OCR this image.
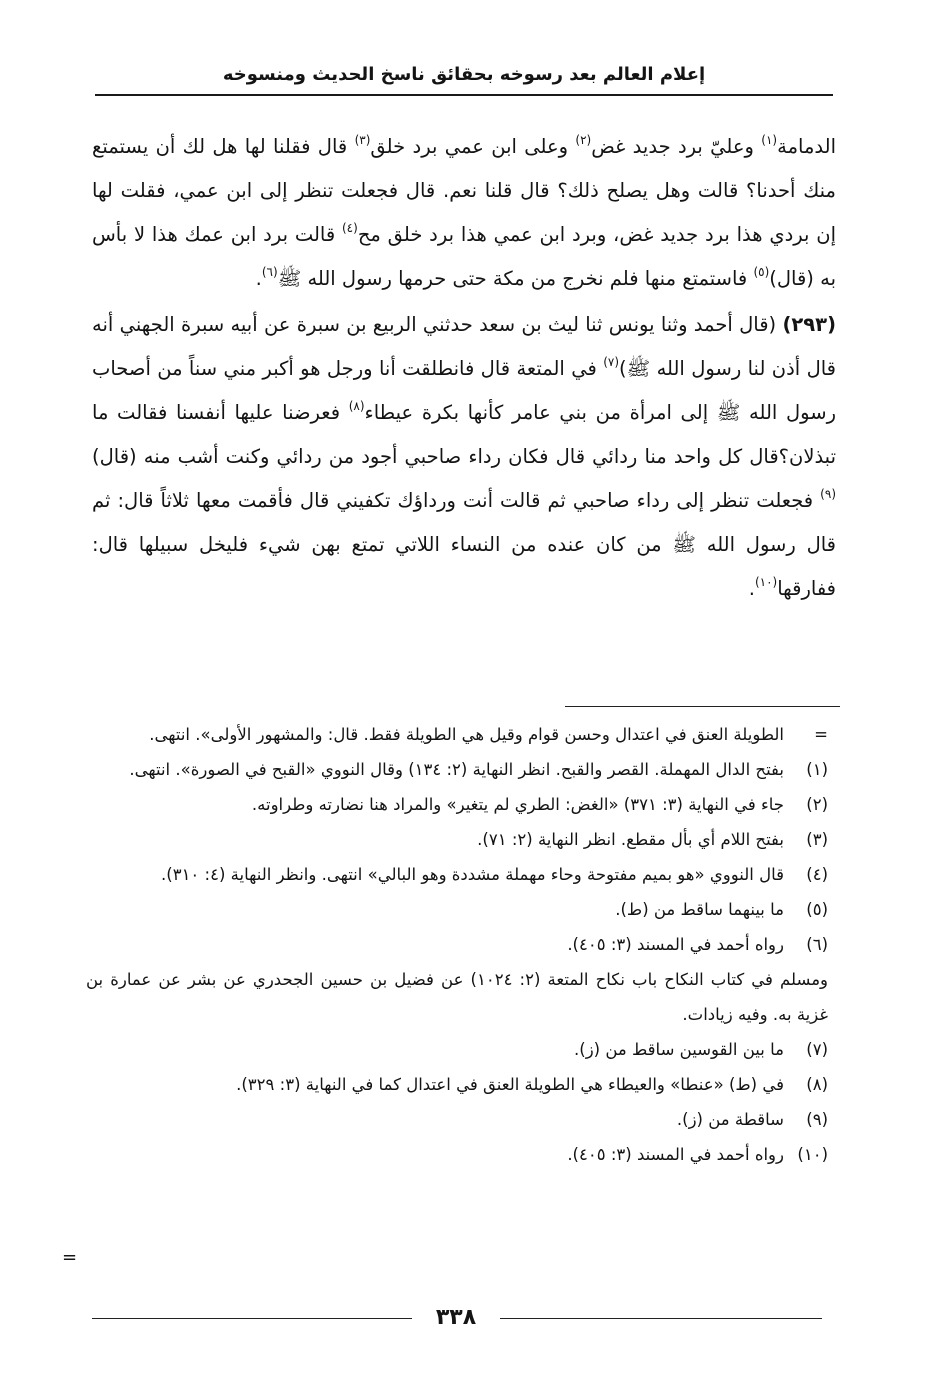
إعلام العالم بعد رسوخه بحقائق ناسخ الحديث ومنسوخه

الدمامة$^{(١)}$ وعليّ برد جديد غض$^{(٢)}$ وعلى ابن عمي برد خلق$^{(٣)}$ قال فقلنا لها هل لك أن يستمتع منك أحدنا؟ قالت وهل يصلح ذلك؟ قال قلنا نعم. قال فجعلت تنظر إلى ابن عمي، فقلت لها إن بردي هذا برد جديد غض، وبرد ابن عمي هذا برد خلق مح$^{(٤)}$ قالت برد ابن عمك هذا لا بأس به (قال)$^{(٥)}$ فاستمتع منها فلم نخرج من مكة حتى حرمها رسول الله ﷺ$^{(٦)}$.

(٢٩٣) (قال أحمد وثنا يونس ثنا ليث بن سعد حدثني الربيع بن سبرة عن أبيه سبرة الجهني أنه قال أذن لنا رسول الله ﷺ)$^{(٧)}$ في المتعة قال فانطلقت أنا ورجل هو أكبر مني سناً من أصحاب رسول الله ﷺ إلى امرأة من بني عامر كأنها بكرة عيطاء$^{(٨)}$ فعرضنا عليها أنفسنا فقالت ما تبذلان؟قال كل واحد منا ردائي قال فكان رداء صاحبي أجود من ردائي وكنت أشب منه (قال)$^{(٩)}$ فجعلت تنظر إلى رداء صاحبي ثم قالت أنت ورداؤك تكفيني قال فأقمت معها ثلاثاً قال: ثم قال رسول الله ﷺ من كان عنده من النساء اللاتي تمتع بهن شيء فليخل سبيلها قال: ففارقها$^{(١٠)}$.

=
الطويلة العنق في اعتدال وحسن قوام وقيل هي الطويلة فقط. قال: والمشهور الأولى». انتهى.
(١)
بفتح الدال المهملة. القصر والقبح. انظر النهاية (٢: ١٣٤) وقال النووي «القبح في الصورة». انتهى.
(٢)
جاء في النهاية (٣: ٣٧١) «الغض: الطري لم يتغير» والمراد هنا نضارته وطراوته.
(٣)
بفتح اللام أي بأل مقطع. انظر النهاية (٢: ٧١).
(٤)
قال النووي «هو بميم مفتوحة وحاء مهملة مشددة وهو البالي» انتهى. وانظر النهاية (٤: ٣١٠).
(٥)
ما بينهما ساقط من (ط).
(٦)
رواه أحمد في المسند (٣: ٤٠٥).
ومسلم في كتاب النكاح باب نكاح المتعة (٢: ١٠٢٤) عن فضيل بن حسين الجحدري عن بشر عن عمارة بن غزية به. وفيه زيادات.
(٧)
ما بين القوسين ساقط من (ز).
(٨)
في (ط) «عنطا» والعيطاء هي الطويلة العنق في اعتدال كما في النهاية (٣: ٣٢٩).
(٩)
ساقطة من (ز).
(١٠)
رواه أحمد في المسند (٣: ٤٠٥).
=
٣٣٨
